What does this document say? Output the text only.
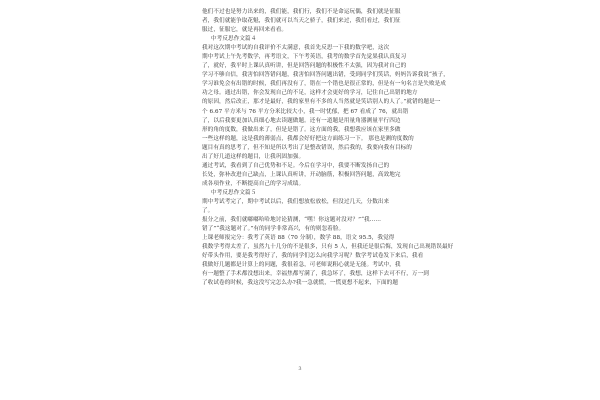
他们不过也是努力出来的，我们能，我们行，我们不是命运玩偶，我们就是征服
者，我们就能争取花魁，我们就可以当天之骄子，我们来过，我们看过，我们征
服过，征服它，就是再回来看看。
中考反思作文篇４
我对这次期中考试的自我评价不太满意，我首先反思一下我的数学吧，这次
期中考试上午先考数学，再考语文，下午考英语，我考的数学首先觉果我认真复习
了，就好，我平时上课认真听讲，但是回答问题的积极性不太强，因为我对自己的
学习不够自信，我害怕回答错问题，我害怕回答问题出错，受到同学们笑话，妈妈告诉我说“孩子，
学习谁免会有出错的时候，我们再没有了，错在一个错也是很正常的，但是有一句名言是失败是成
功之母。通过出错，你会发现自己的不足，这样才会更好的学习，记住自己出错的地方
的原因，然后改正，那才是最好，我的家里有不多的人当然就是笑话别人的人了。”就错的题是一
个 6.67 平方米与 76 平方分米比较大小，我一时忧郁，把 67 看成了 76，就出错
了，以后我要更加认真细心地去读题做题。还有一道题是用量角器测量平行四边
形的角的度数，我做出来了，但是是错了。这方面的我，我想我应该在家里多做
一些这样的题，这是我的薄弱点，我都会好好把这方面练习一下。 那也是测的度数的
题目有真的思考了，但不知是所以考出了是整改错误，然后我的，我要向我有目标的
出了好几道这样的题目，让我巩固加强。
通过考试，我看到了自己优势和不足。今后在学习中，我要不断发扬自己的
长处，弥补改进自己缺点，上课认真听讲，开动脑筋，积极回答问题，高效地完
成各项作业，不断提高自己的学习成绩。
中考反思作文篇５
期中考试考完了，期中考试以后，我们想放松放松，但没过几天，分数出来
了。
报分之前，我们就嘟嘟哈哈地讨论猜测，“嘿！你这题对没对？”“我……
错了”“我这题对了。”有的同学非常高兴，有的则忽着脸。
上课老师报完分：我考了英语 88（70 分制），数学 88，语文 95.5，我觉得
我数学考得太差了，虽然九十几分的不是很多，只有 5 人，但我还是很后悔，发现自己出现错误最好
好带头作用，要是我考得好了，我的同学们怎么向我学习呢？数学考试卷发下来后，我看
我做好几题都是计算上的问题，我很着急，可老师说粗心就是无能。考试中，我
有一题整了手术都没想出来，幸福焦都写满了，我急坏了，我想，这样下去可不行，万一到
了收试卷的时候，我这没写完怎么办?我一急就慌，一慌更想不起来，下面的题
3
